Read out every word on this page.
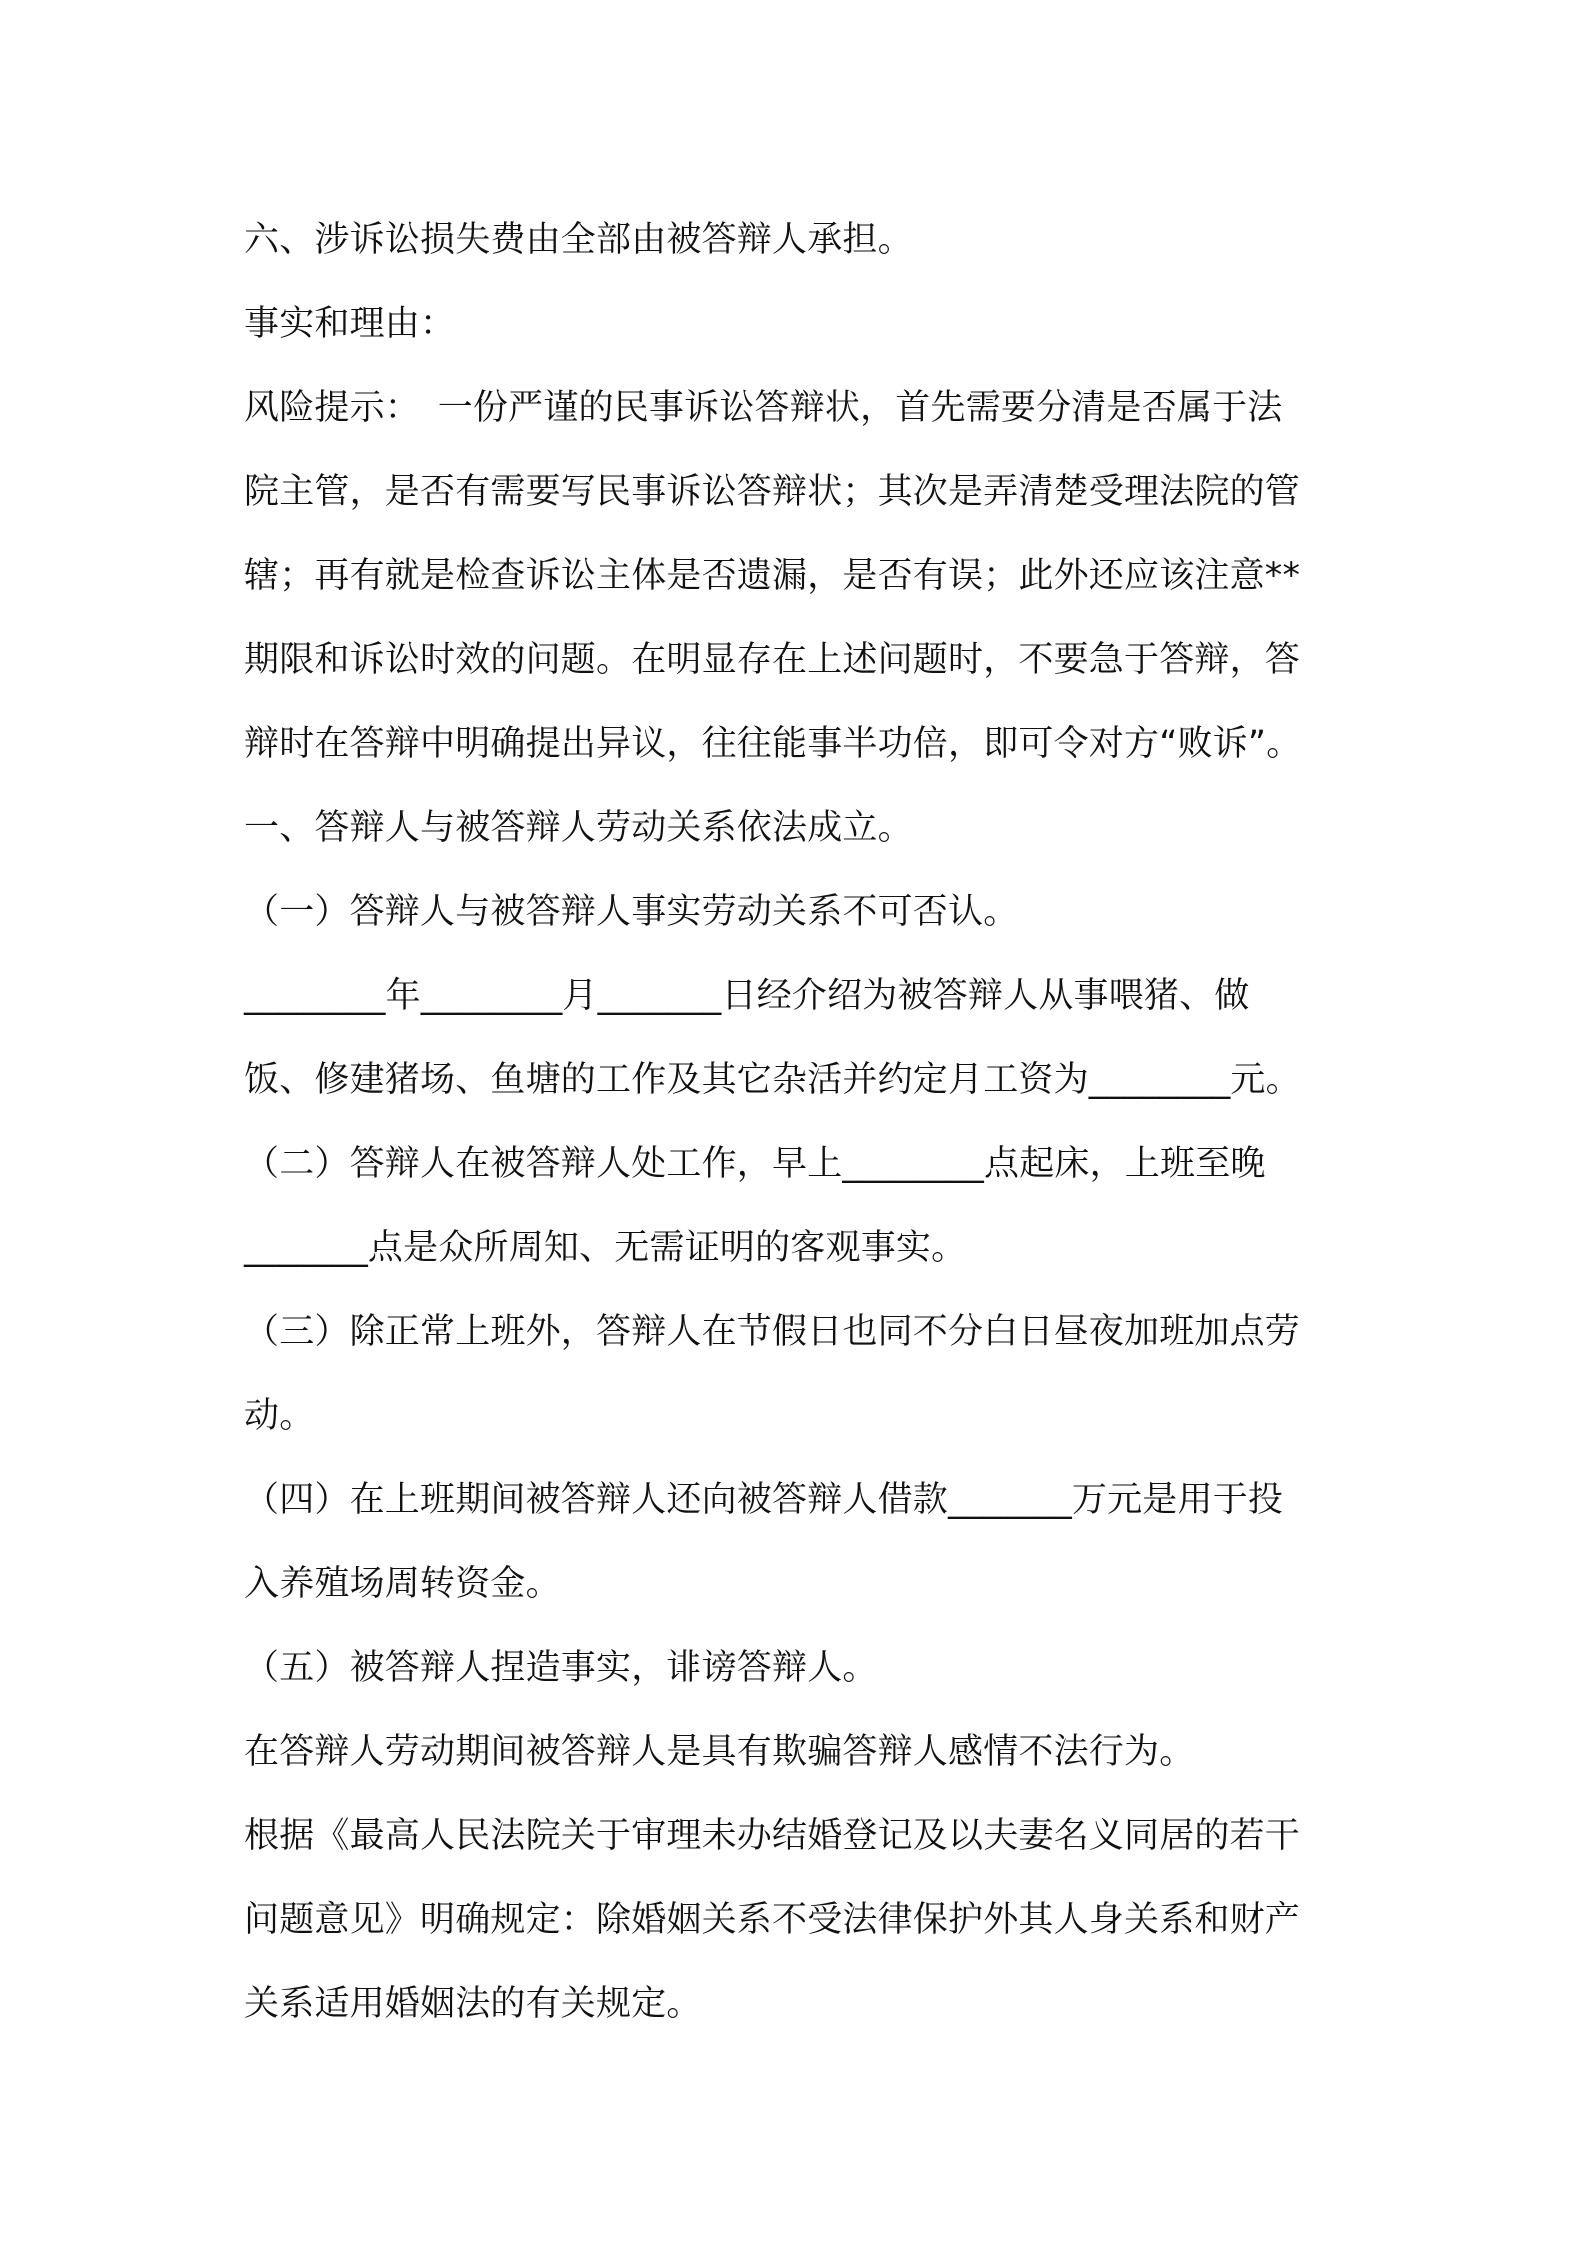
六、涉诉讼损失费由全部由被答辩人承担。
事实和理由：
风险提示：　一份严谨的民事诉讼答辩状，首先需要分清是否属于法
院主管，是否有需要写民事诉讼答辩状；其次是弄清楚受理法院的管
辖；再有就是检查诉讼主体是否遗漏，是否有误；此外还应该注意**
期限和诉讼时效的问题。在明显存在上述问题时，不要急于答辩，答
辩时在答辩中明确提出异议，往往能事半功倍，即可令对方“败诉”。
一、答辩人与被答辩人劳动关系依法成立。
（一）答辩人与被答辩人事实劳动关系不可否认。
________年________月_______日经介绍为被答辩人从事喂猪、做
饭、修建猪场、鱼塘的工作及其它杂活并约定月工资为________元。
（二）答辩人在被答辩人处工作，早上________点起床，上班至晚
_______点是众所周知、无需证明的客观事实。
（三）除正常上班外，答辩人在节假日也同不分白日昼夜加班加点劳
动。
（四）在上班期间被答辩人还向被答辩人借款_______万元是用于投
入养殖场周转资金。
（五）被答辩人捏造事实，诽谤答辩人。
在答辩人劳动期间被答辩人是具有欺骗答辩人感情不法行为。
根据《最高人民法院关于审理未办结婚登记及以夫妻名义同居的若干
问题意见》明确规定：除婚姻关系不受法律保护外其人身关系和财产
关系适用婚姻法的有关规定。
